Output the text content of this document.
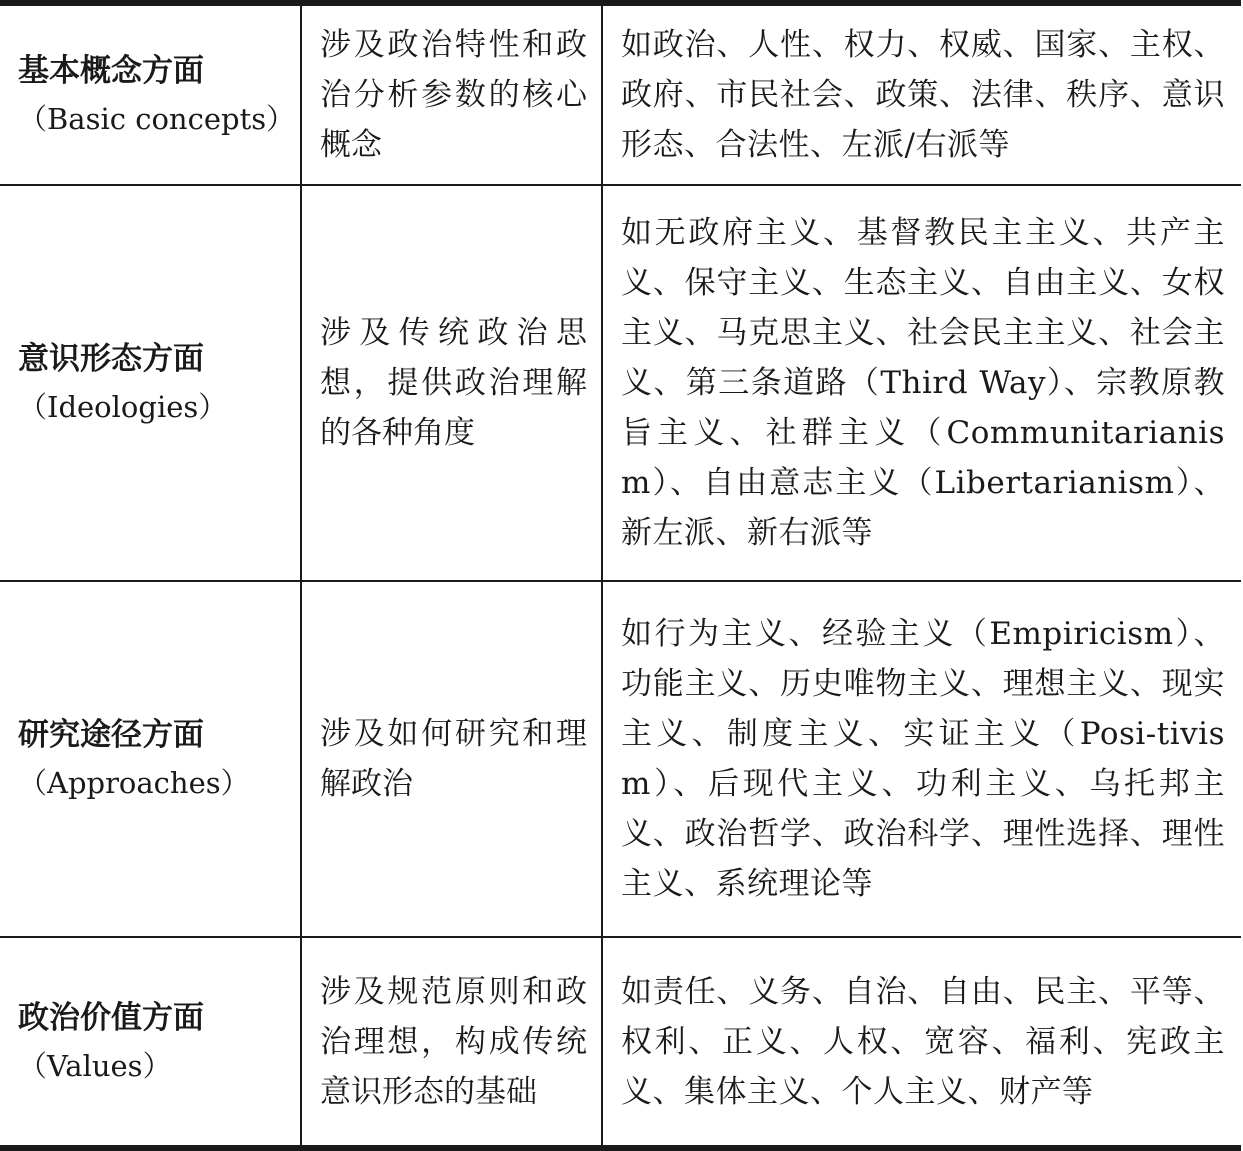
基本概念方面
（Basic concepts）	涉及政治特性和政治分析参数的核心概念	如政治、人性、权力、权威、国家、主权、政府、市民社会、政策、法律、秩序、意识形态、合法性、左派/右派等

意识形态方面
（Ideologies）	涉及传统政治思想，提供政治理解的各种角度	如无政府主义、基督教民主主义、共产主义、保守主义、生态主义、自由主义、女权主义、马克思主义、社会民主主义、社会主义、第三条道路（Third Way）、宗教原教旨主义、社群主义（Communitarianism）、自由意志主义（Libertarianism）、新左派、新右派等

研究途径方面
（Approaches）	涉及如何研究和理解政治	如行为主义、经验主义（Empiricism）、功能主义、历史唯物主义、理想主义、现实主义、制度主义、实证主义（Posi-tivism）、后现代主义、功利主义、乌托邦主义、政治哲学、政治科学、理性选择、理性主义、系统理论等

政治价值方面
（Values）	涉及规范原则和政治理想，构成传统意识形态的基础	如责任、义务、自治、自由、民主、平等、权利、正义、人权、宽容、福利、宪政主义、集体主义、个人主义、财产等
